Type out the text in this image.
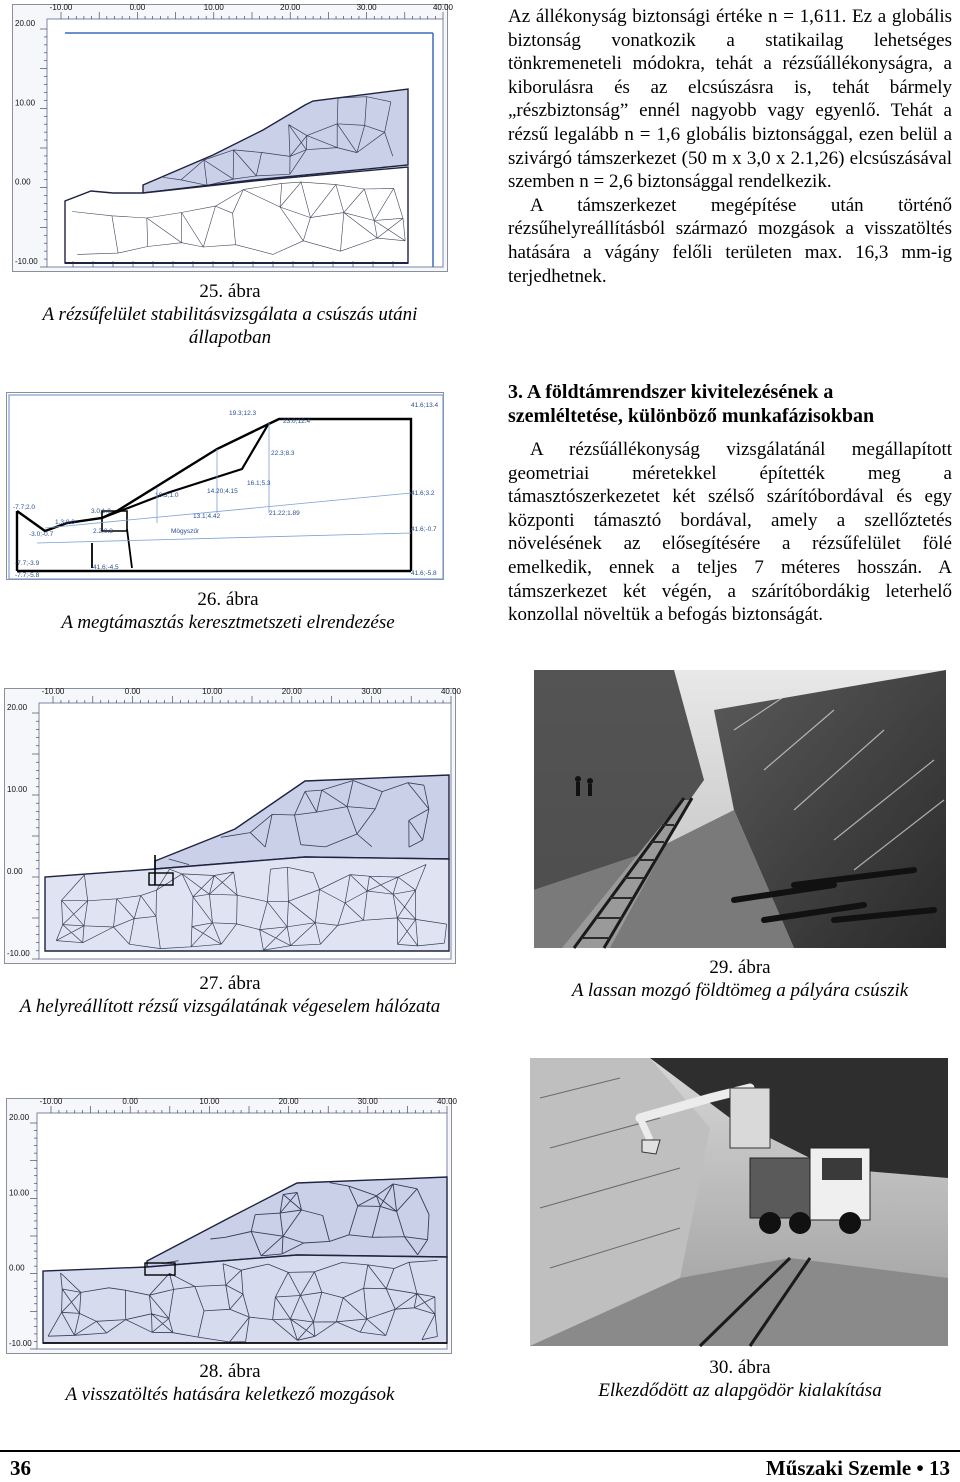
-10.00	0.00	10.00	20.00	30.00	40.00
20.00
10.00
0.00
-10.00
25. ábra
A rézsűfelület stabilitásvizsgálata a csúszás utáni állapotban

Az állékonyság biztonsági értéke n = 1,611. Ez a globális biztonság vonatkozik a statikailag lehetséges tönkremeneteli módokra, tehát a rézsűállékonyságra, a kiborulásra és az elcsúszásra is, tehát bármely „részbiztonság” ennél nagyobb vagy egyenlő. Tehát a rézsű legalább n = 1,6 globális biztonsággal, ezen belül a szivárgó támszerkezet (50 m x 3,0 x 2.1,26) elcsúszásával szemben n = 2,6 biztonsággal rendelkezik.

A támszerkezet megépítése után történő rézsűhelyreállításból származó mozgások a visszatöltés hatására a vágány felőli területen max. 16,3 mm-ig terjedhetnek.

-7.7;2.0
-3.0;-0.7
-7.7;-3.9
-7.7;-5.8
19.3;12.3
23.0;12.4
22.3;8.3
16.1;5.3
14.20;4.15
10.3;1.0
13.1;4.42	21.22;1.89
3.0;1.0
1.3;0.0
2.2;0.8	Mögyszűr
41.6;-4.5
41.6;13.4
41.6;3.2
41.6;-0.7
41.6;-5.8
26. ábra
A megtámasztás keresztmetszeti elrendezése
3. A földtámrendszer kivitelezésének a szemléltetése, különböző munkafázisokban

A rézsűállékonyság vizsgálatánál megállapított geometriai méretekkel építették meg a támasztószerkezetet két szélső szárítóbordával és egy központi támasztó bordával, amely a szellőztetés növelésének az elősegítésére a rézsűfelület fölé emelkedik, ennek a teljes 7 méteres hosszán. A támszerkezet két végén, a szárítóbordákig leterhelő konzollal növeltük a befogás biztonságát.

-10.00	0.00	10.00	20.00	30.00	40.00
20.00
10.00
0.00
-10.00
27. ábra
A helyreállított rézsű vizsgálatának végeselem hálózata
29. ábra
A lassan mozgó földtömeg a pályára csúszik
-10.00	0.00	10.00	20.00	30.00	40.00
20.00
10.00
0.00
-10.00
28. ábra
A visszatöltés hatására keletkező mozgások
30. ábra
Elkezdődött az alapgödör kialakítása
36	Műszaki Szemle • 13
